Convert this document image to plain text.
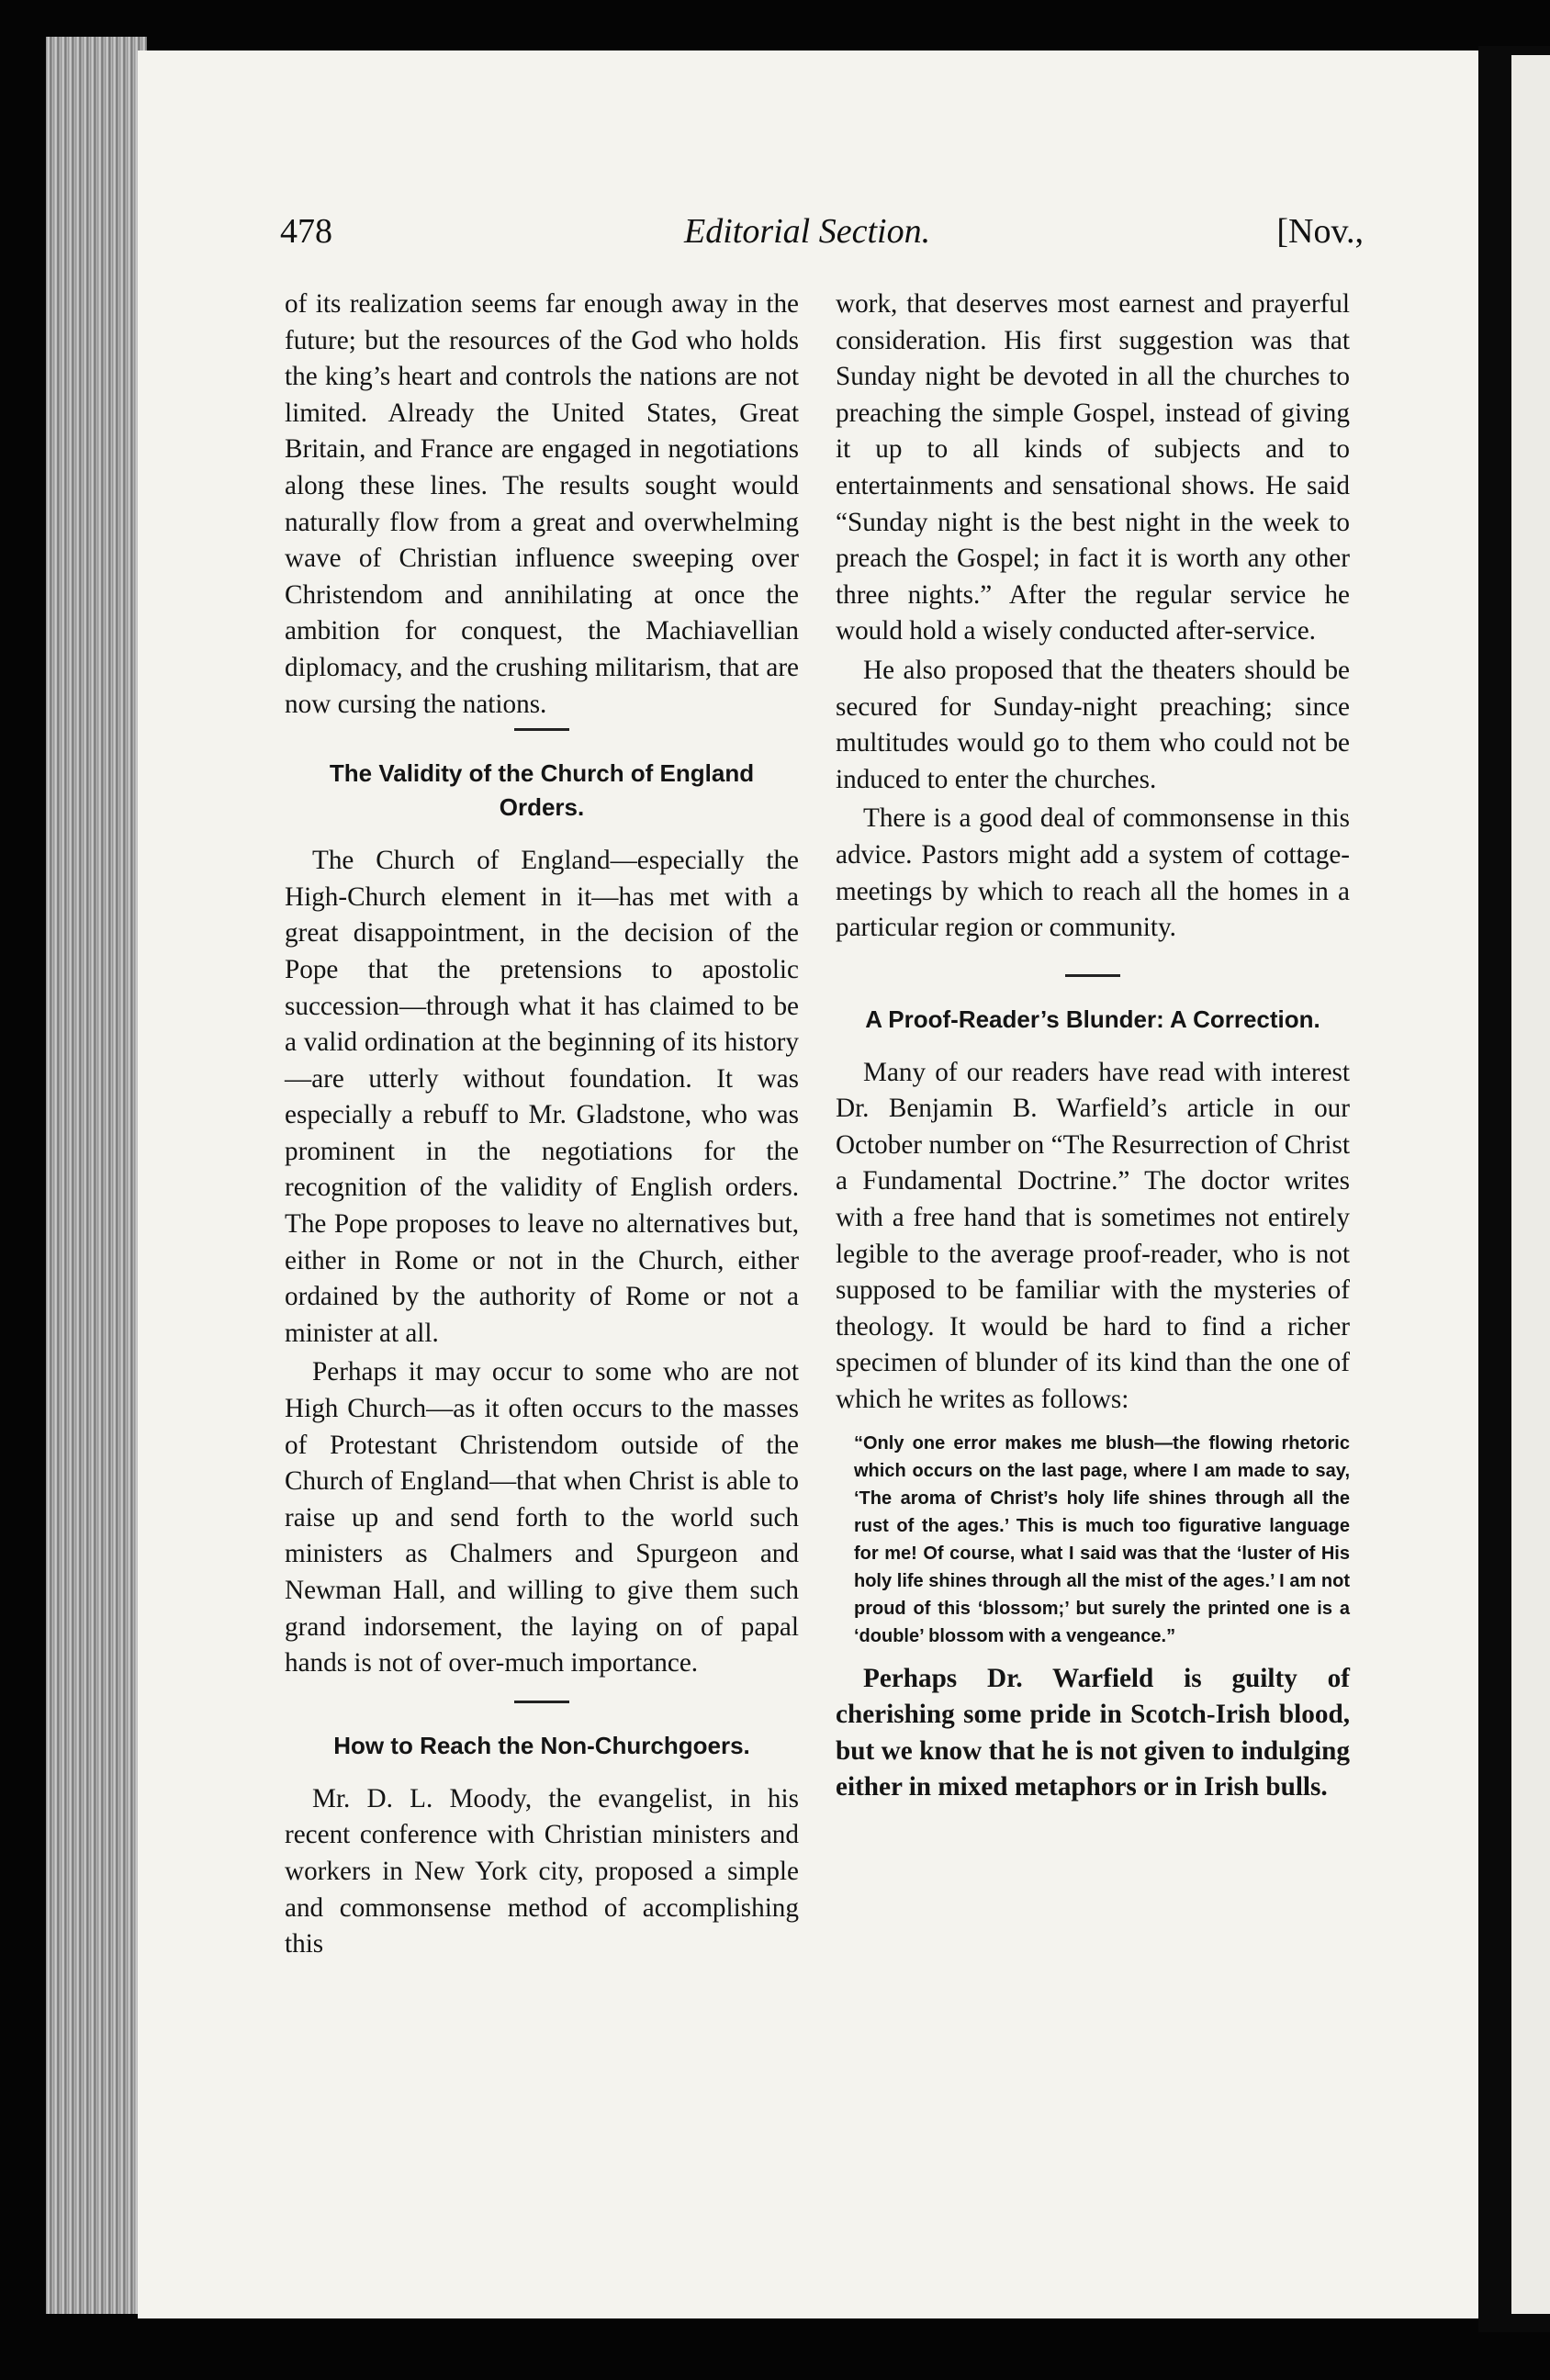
478	Editorial Section.	[Nov.,

of its realization seems far enough away in the future; but the resources of the God who holds the king’s heart and controls the nations are not limited. Already the United States, Great Britain, and France are engaged in negotiations along these lines. The results sought would naturally flow from a great and overwhelming wave of Christian influence sweeping over Christendom and annihilating at once the ambition for conquest, the Machiavellian diplomacy, and the crushing militarism, that are now cursing the nations.

The Validity of the Church of England Orders.

The Church of England—especially the High-Church element in it—has met with a great disappointment, in the decision of the Pope that the pretensions to apostolic succession—through what it has claimed to be a valid ordination at the beginning of its history —are utterly without foundation. It was especially a rebuff to Mr. Gladstone, who was prominent in the negotiations for the recognition of the validity of English orders. The Pope proposes to leave no alternatives but, either in Rome or not in the Church, either ordained by the authority of Rome or not a minister at all.

Perhaps it may occur to some who are not High Church—as it often occurs to the masses of Protestant Christendom outside of the Church of England—that when Christ is able to raise up and send forth to the world such ministers as Chalmers and Spurgeon and Newman Hall, and willing to give them such grand indorsement, the laying on of papal hands is not of over-much importance.

How to Reach the Non-Churchgoers.

Mr. D. L. Moody, the evangelist, in his recent conference with Christian ministers and workers in New York city, proposed a simple and commonsense method of accomplishing this

work, that deserves most earnest and prayerful consideration. His first suggestion was that Sunday night be devoted in all the churches to preaching the simple Gospel, instead of giving it up to all kinds of subjects and to entertainments and sensational shows. He said “Sunday night is the best night in the week to preach the Gospel; in fact it is worth any other three nights.” After the regular service he would hold a wisely conducted after-service.

He also proposed that the theaters should be secured for Sunday-night preaching; since multitudes would go to them who could not be induced to enter the churches.

There is a good deal of commonsense in this advice. Pastors might add a system of cottage-meetings by which to reach all the homes in a particular region or community.

A Proof-Reader’s Blunder: A Correction.

Many of our readers have read with interest Dr. Benjamin B. Warfield’s article in our October number on “The Resurrection of Christ a Fundamental Doctrine.” The doctor writes with a free hand that is sometimes not entirely legible to the average proof-reader, who is not supposed to be familiar with the mysteries of theology. It would be hard to find a richer specimen of blunder of its kind than the one of which he writes as follows:

“Only one error makes me blush—the flowing rhetoric which occurs on the last page, where I am made to say, ‘The aroma of Christ’s holy life shines through all the rust of the ages.’ This is much too figurative language for me! Of course, what I said was that the ‘luster of His holy life shines through all the mist of the ages.’ I am not proud of this ‘blossom;’ but surely the printed one is a ‘double’ blossom with a vengeance.”

Perhaps Dr. Warfield is guilty of cherishing some pride in Scotch-Irish blood, but we know that he is not given to indulging either in mixed metaphors or in Irish bulls.
